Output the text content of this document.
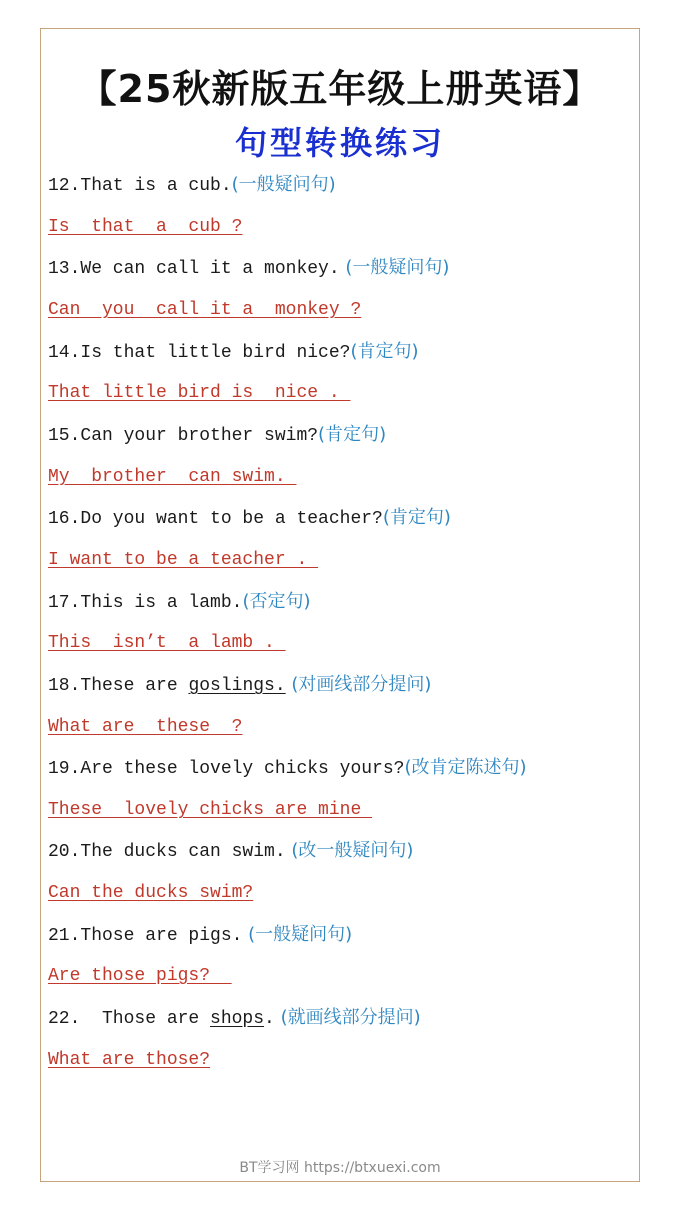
【25秋新版五年级上册英语】
句型转换练习
12.That is a cub.(一般疑问句)
Is  that  a  cub ?
13.We can call it a monkey. (一般疑问句)
Can  you  call it a  monkey ?
14.Is that little bird nice?(肯定句)
That little bird is  nice .
15.Can your brother swim?(肯定句)
My  brother  can swim.
16.Do you want to be a teacher?(肯定句)
I want to be a teacher .
17.This is a lamb.(否定句)
This  isn’t  a lamb .
18.These are goslings. (对画线部分提问)
What are  these  ?
19.Are these lovely chicks yours?(改肯定陈述句)
These  lovely chicks are mine
20.The ducks can swim. (改一般疑问句)
Can the ducks swim?
21.Those are pigs. (一般疑问句)
Are those pigs?
22.  Those are shops. (就画线部分提问)
What are those?
BT学习网 https://btxuexi.com
